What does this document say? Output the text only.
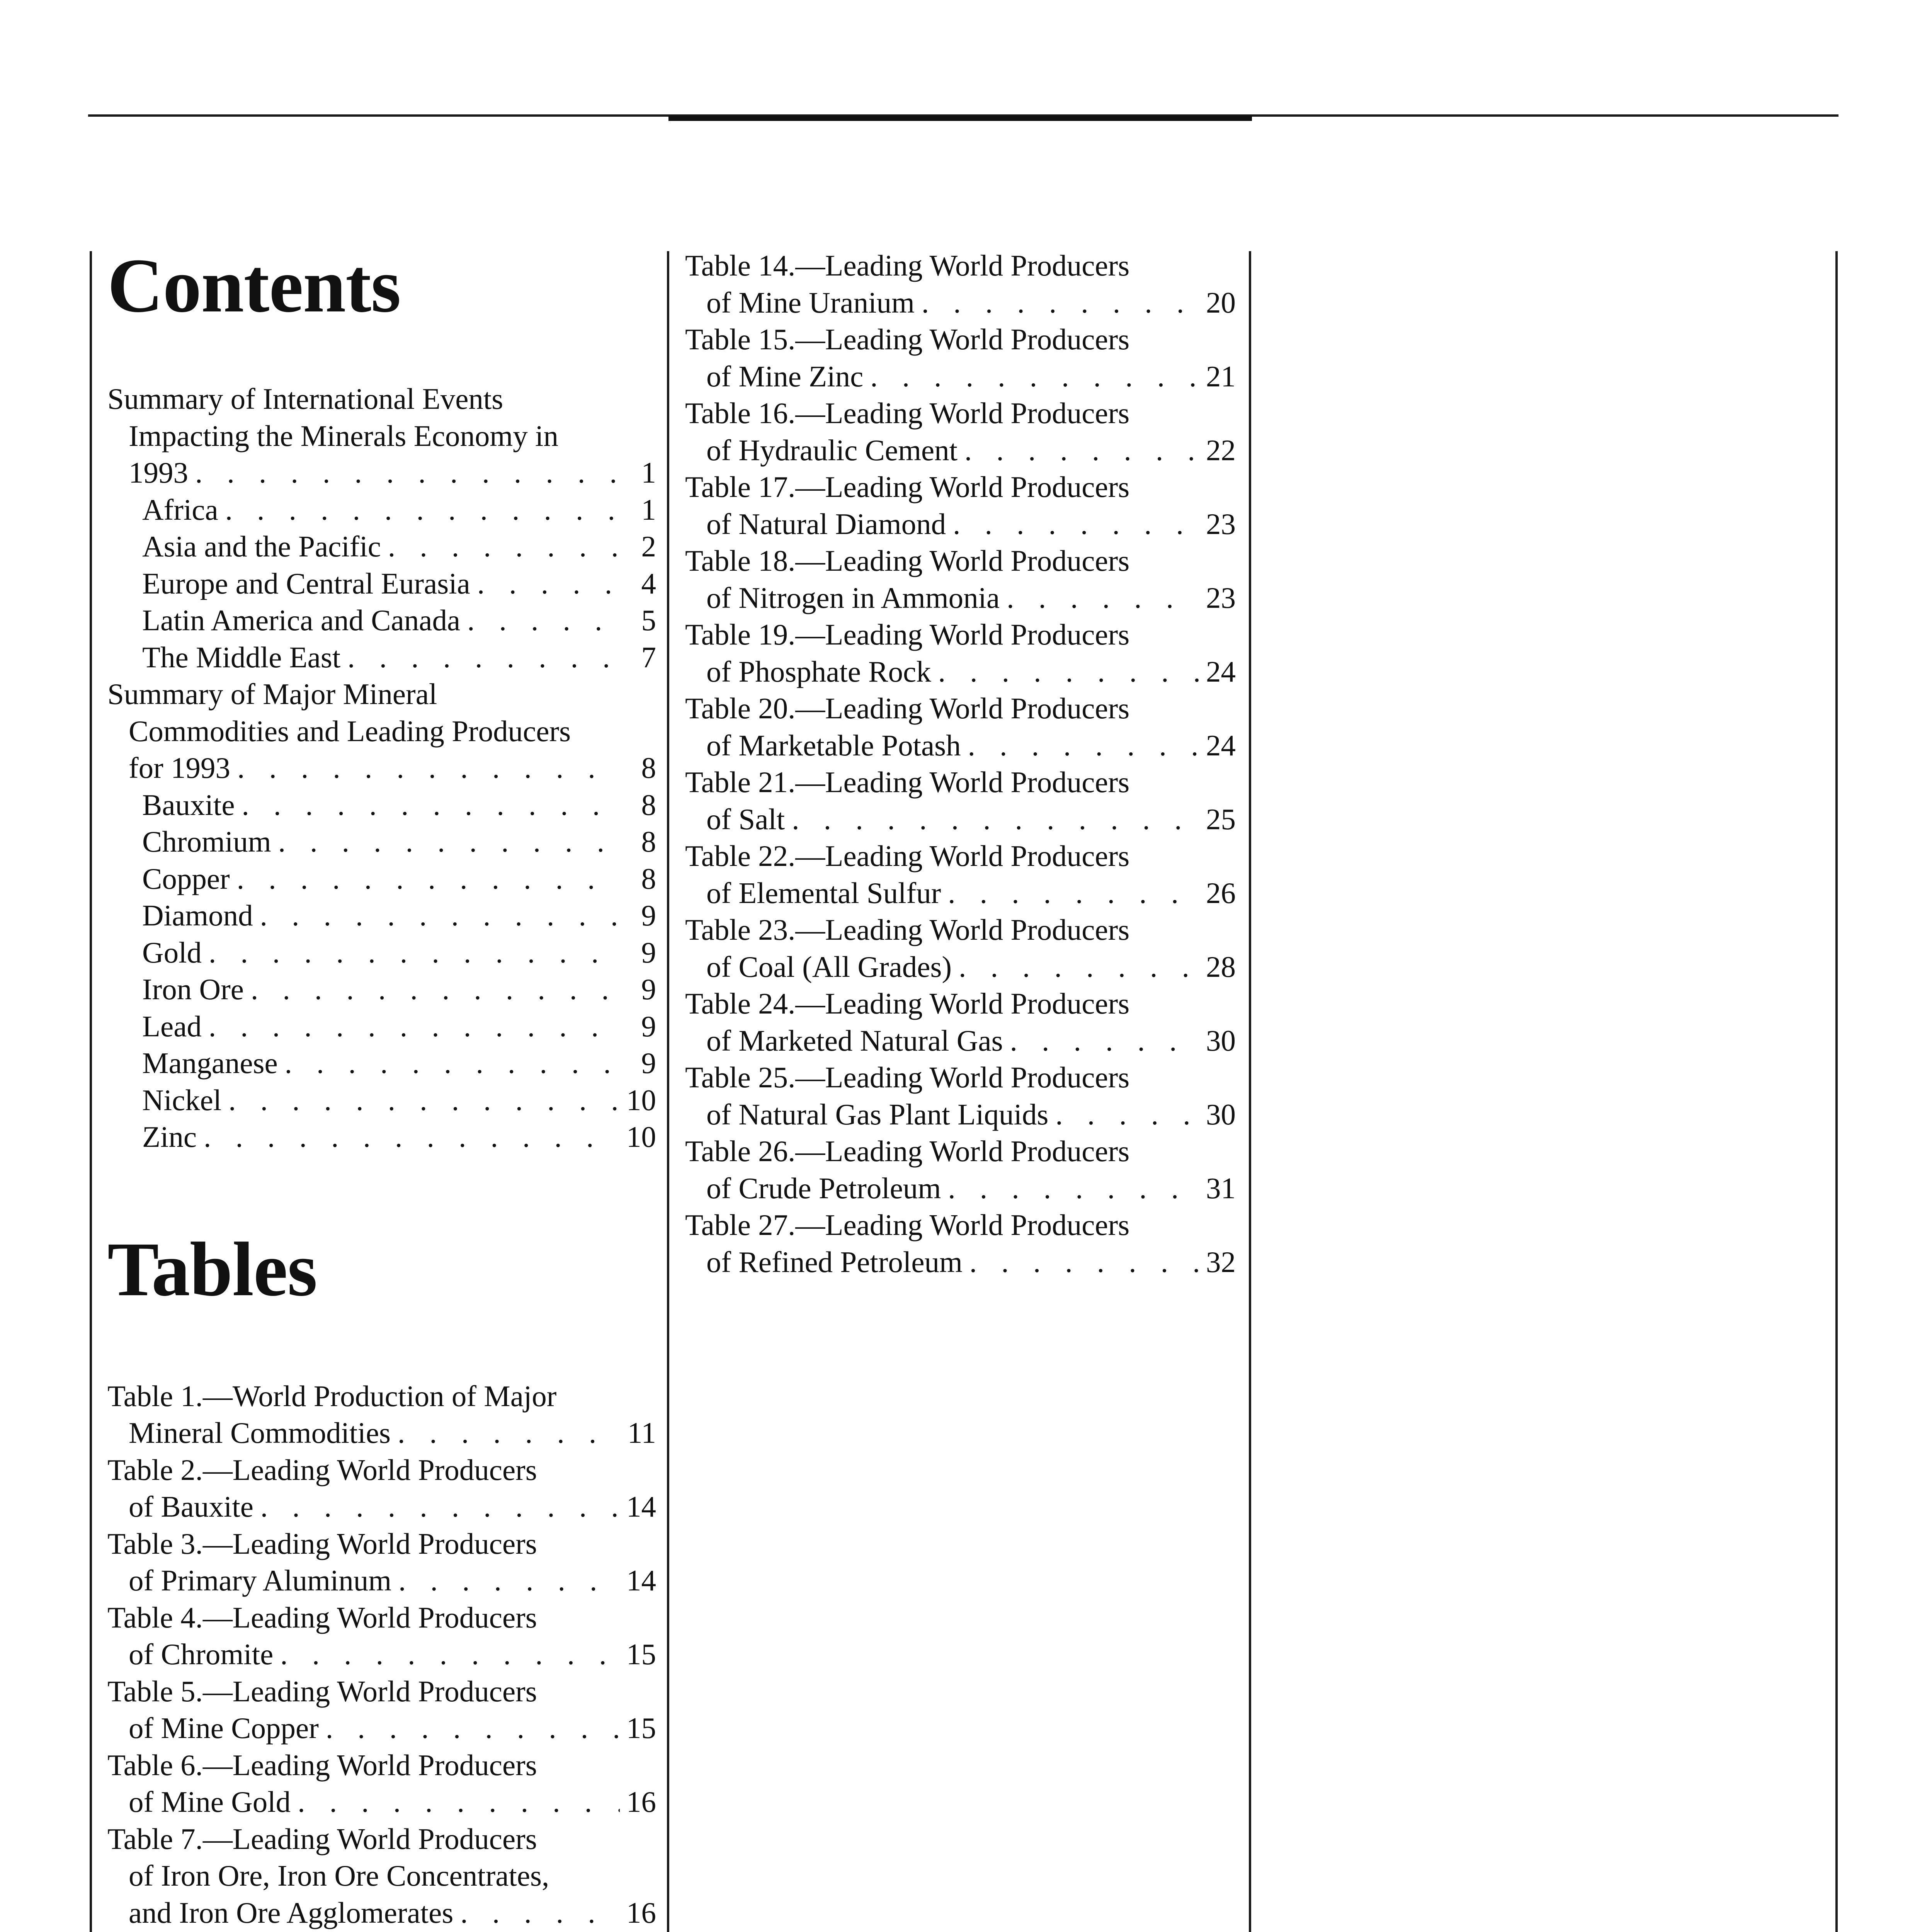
Contents
Summary of International Events
Impacting the Minerals Economy in
1993 . . .	1
Africa . . .	1
Asia and the Pacific . . .	2
Europe and Central Eurasia . . .	4
Latin America and Canada . . .	5
The Middle East . . .	7
Summary of Major Mineral
Commodities and Leading Producers
for 1993 . . .	8
Bauxite . . .	8
Chromium . . .	8
Copper . . .	8
Diamond . . .	9
Gold . . .	9
Iron Ore . . .	9
Lead . . .	9
Manganese . . .	9
Nickel . . .	10
Zinc . . .	10
Tables
Table 1.—World Production of Major
Mineral Commodities . . .	11
Table 2.—Leading World Producers
of Bauxite . . .	14
Table 3.—Leading World Producers
of Primary Aluminum . . .	14
Table 4.—Leading World Producers
of Chromite . . .	15
Table 5.—Leading World Producers
of Mine Copper . . .	15
Table 6.—Leading World Producers
of Mine Gold . . .	16
Table 7.—Leading World Producers
of Iron Ore, Iron Ore Concentrates,
and Iron Ore Agglomerates . . .	16
Table 14.—Leading World Producers
of Mine Uranium . . .	20
Table 15.—Leading World Producers
of Mine Zinc . . .	21
Table 16.—Leading World Producers
of Hydraulic Cement . . .	22
Table 17.—Leading World Producers
of Natural Diamond . . .	23
Table 18.—Leading World Producers
of Nitrogen in Ammonia . . .	23
Table 19.—Leading World Producers
of Phosphate Rock . . .	24
Table 20.—Leading World Producers
of Marketable Potash . . .	24
Table 21.—Leading World Producers
of Salt . . .	25
Table 22.—Leading World Producers
of Elemental Sulfur . . .	26
Table 23.—Leading World Producers
of Coal (All Grades) . . .	28
Table 24.—Leading World Producers
of Marketed Natural Gas . . .	30
Table 25.—Leading World Producers
of Natural Gas Plant Liquids . . .	30
Table 26.—Leading World Producers
of Crude Petroleum . . .	31
Table 27.—Leading World Producers
of Refined Petroleum . . .	32
